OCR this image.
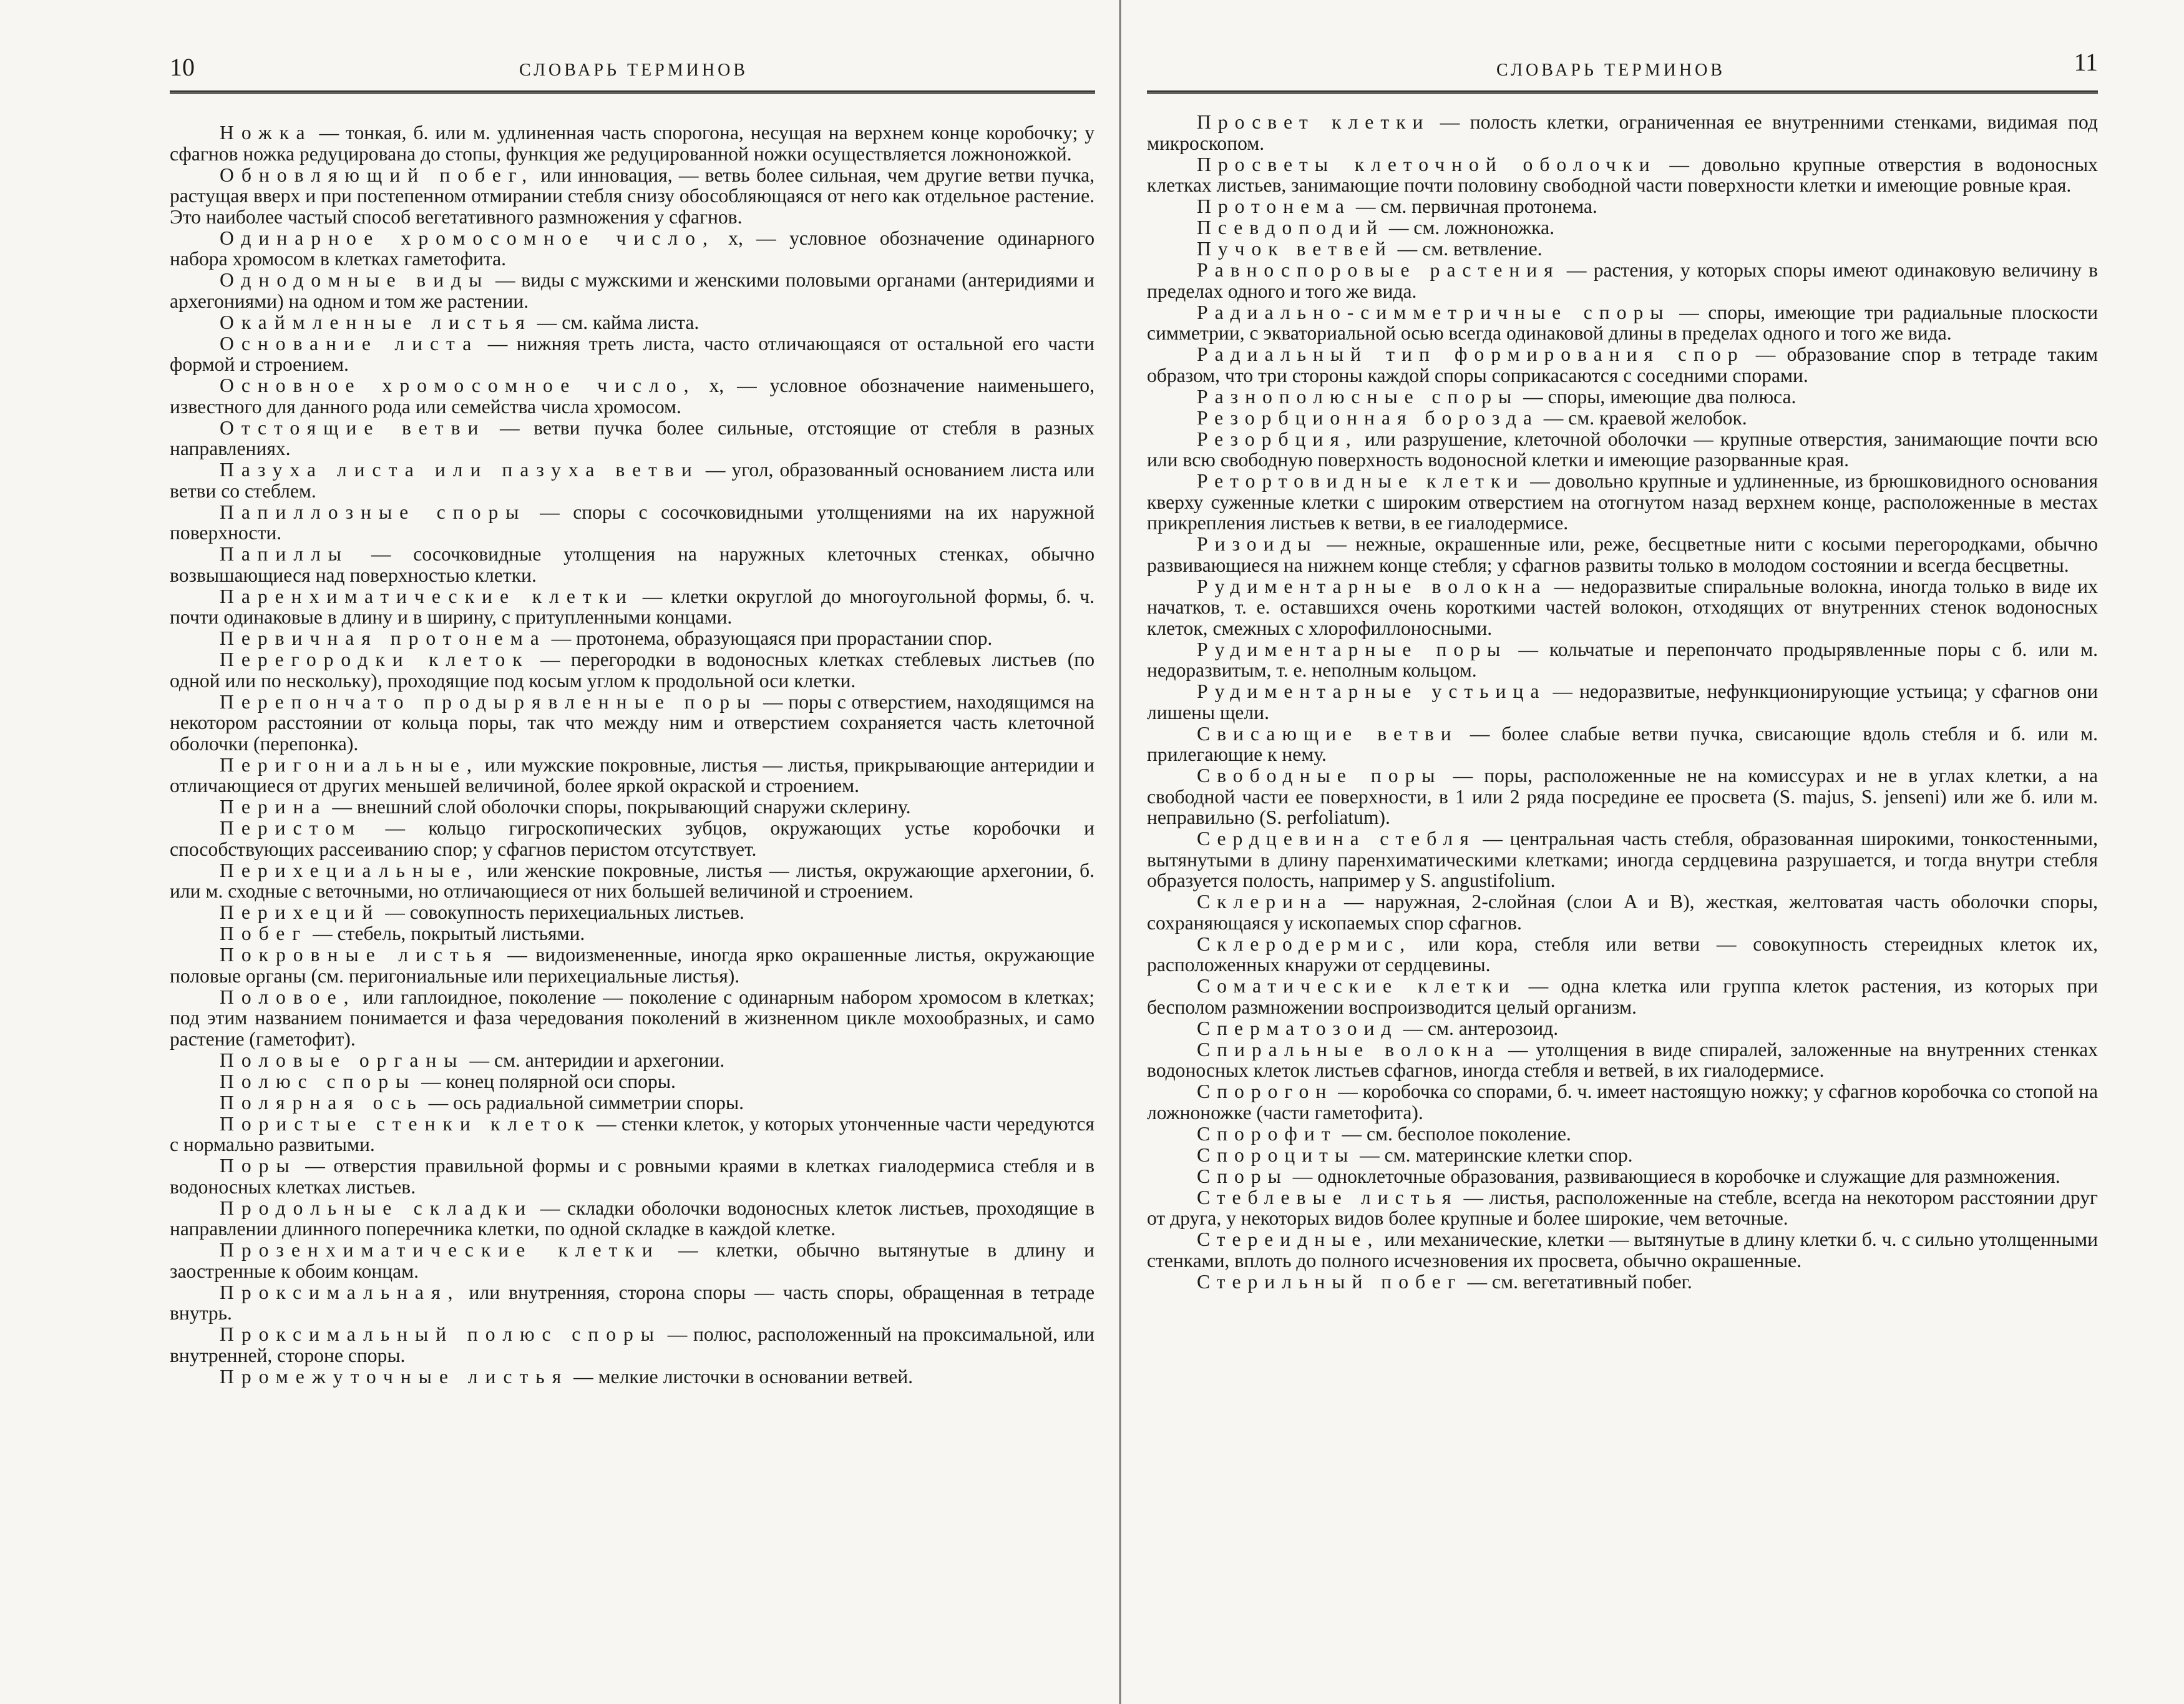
10	СЛОВАРЬ ТЕРМИНОВ

Ножка — тонкая, б. или м. удлиненная часть спорогона, несущая на верхнем конце коробочку; у сфагнов ножка редуцирована до стопы, функция же редуцированной ножки осуществляется ложноножкой.

Обновляющий побег, или инновация, — ветвь более сильная, чем другие ветви пучка, растущая вверх и при постепенном отмирании стебля снизу обособляющаяся от него как отдельное растение. Это наиболее частый способ вегетативного размножения у сфагнов.

Одинарное хромосомное число, x, — условное обозначение одинарного набора хромосом в клетках гаметофита.

Однодомные виды — виды с мужскими и женскими половыми органами (антеридиями и архегониями) на одном и том же растении.

Окаймленные листья — см. кайма листа.

Основание листа — нижняя треть листа, часто отличающаяся от остальной его части формой и строением.

Основное хромосомное число, x, — условное обозначение наименьшего, известного для данного рода или семейства числа хромосом.

Отстоящие ветви — ветви пучка более сильные, отстоящие от стебля в разных направлениях.

Пазуха листа или пазуха ветви — угол, образованный основанием листа или ветви со стеблем.

Папиллозные споры — споры с сосочковидными утолщениями на их наружной поверхности.

Папиллы — сосочковидные утолщения на наружных клеточных стенках, обычно возвышающиеся над поверхностью клетки.

Паренхиматические клетки — клетки округлой до многоугольной формы, б. ч. почти одинаковые в длину и в ширину, с притупленными концами.

Первичная протонема — протонема, образующаяся при прорастании спор.

Перегородки клеток — перегородки в водоносных клетках стеблевых листьев (по одной или по нескольку), проходящие под косым углом к продольной оси клетки.

Перепончато продырявленные поры — поры с отверстием, находящимся на некотором расстоянии от кольца поры, так что между ним и отверстием сохраняется часть клеточной оболочки (перепонка).

Перигониальные, или мужские покровные, листья — листья, прикрывающие антеридии и отличающиеся от других меньшей величиной, более яркой окраской и строением.

Перина — внешний слой оболочки споры, покрывающий снаружи склерину.

Перистом — кольцо гигроскопических зубцов, окружающих устье коробочки и способствующих рассеиванию спор; у сфагнов перистом отсутствует.

Перихециальные, или женские покровные, листья — листья, окружающие архегонии, б. или м. сходные с веточными, но отличающиеся от них большей величиной и строением.

Перихеций — совокупность перихециальных листьев.

Побег — стебель, покрытый листьями.

Покровные листья — видоизмененные, иногда ярко окрашенные листья, окружающие половые органы (см. перигониальные или перихециальные листья).

Половое, или гаплоидное, поколение — поколение с одинарным набором хромосом в клетках; под этим названием понимается и фаза чередования поколений в жизненном цикле мохообразных, и само растение (гаметофит).

Половые органы — см. антеридии и архегонии.

Полюс споры — конец полярной оси споры.

Полярная ось — ось радиальной симметрии споры.

Пористые стенки клеток — стенки клеток, у которых утонченные части чередуются с нормально развитыми.

Поры — отверстия правильной формы и с ровными краями в клетках гиалодермиса стебля и в водоносных клетках листьев.

Продольные складки — складки оболочки водоносных клеток листьев, проходящие в направлении длинного поперечника клетки, по одной складке в каждой клетке.

Прозенхиматические клетки — клетки, обычно вытянутые в длину и заостренные к обоим концам.

Проксимальная, или внутренняя, сторона споры — часть споры, обращенная в тетраде внутрь.

Проксимальный полюс споры — полюс, расположенный на проксимальной, или внутренней, стороне споры.

Промежуточные листья — мелкие листочки в основании ветвей.

СЛОВАРЬ ТЕРМИНОВ	11

Просвет клетки — полость клетки, ограниченная ее внутренними стенками, видимая под микроскопом.

Просветы клеточной оболочки — довольно крупные отверстия в водоносных клетках листьев, занимающие почти половину свободной части поверхности клетки и имеющие ровные края.

Протонема — см. первичная протонема.

Псевдоподий — см. ложноножка.

Пучок ветвей — см. ветвление.

Равноспоровые растения — растения, у которых споры имеют одинаковую величину в пределах одного и того же вида.

Радиально-симметричные споры — споры, имеющие три радиальные плоскости симметрии, с экваториальной осью всегда одинаковой длины в пределах одного и того же вида.

Радиальный тип формирования спор — образование спор в тетраде таким образом, что три стороны каждой споры соприкасаются с соседними спорами.

Разнополюсные споры — споры, имеющие два полюса.

Резорбционная борозда — см. краевой желобок.

Резорбция, или разрушение, клеточной оболочки — крупные отверстия, занимающие почти всю или всю свободную поверхность водоносной клетки и имеющие разорванные края.

Ретортовидные клетки — довольно крупные и удлиненные, из брюшковидного основания кверху суженные клетки с широким отверстием на отогнутом назад верхнем конце, расположенные в местах прикрепления листьев к ветви, в ее гиалодермисе.

Ризоиды — нежные, окрашенные или, реже, бесцветные нити с косыми перегородками, обычно развивающиеся на нижнем конце стебля; у сфагнов развиты только в молодом состоянии и всегда бесцветны.

Рудиментарные волокна — недоразвитые спиральные волокна, иногда только в виде их начатков, т. е. оставшихся очень короткими частей волокон, отходящих от внутренних стенок водоносных клеток, смежных с хлорофиллоносными.

Рудиментарные поры — кольчатые и перепончато продырявленные поры с б. или м. недоразвитым, т. е. неполным кольцом.

Рудиментарные устьица — недоразвитые, нефункционирующие устьица; у сфагнов они лишены щели.

Свисающие ветви — более слабые ветви пучка, свисающие вдоль стебля и б. или м. прилегающие к нему.

Свободные поры — поры, расположенные не на комиссурах и не в углах клетки, а на свободной части ее поверхности, в 1 или 2 ряда посредине ее просвета (S. majus, S. jenseni) или же б. или м. неправильно (S. perfoliatum).

Сердцевина стебля — центральная часть стебля, образованная широкими, тонкостенными, вытянутыми в длину паренхиматическими клетками; иногда сердцевина разрушается, и тогда внутри стебля образуется полость, например у S. angustifolium.

Склерина — наружная, 2-слойная (слои A и B), жесткая, желтоватая часть оболочки споры, сохраняющаяся у ископаемых спор сфагнов.

Склеродермис, или кора, стебля или ветви — совокупность стереидных клеток их, расположенных кнаружи от сердцевины.

Соматические клетки — одна клетка или группа клеток растения, из которых при бесполом размножении воспроизводится целый организм.

Сперматозоид — см. антерозоид.

Спиральные волокна — утолщения в виде спиралей, заложенные на внутренних стенках водоносных клеток листьев сфагнов, иногда стебля и ветвей, в их гиалодермисе.

Спорогон — коробочка со спорами, б. ч. имеет настоящую ножку; у сфагнов коробочка со стопой на ложноножке (части гаметофита).

Спорофит — см. бесполое поколение.

Спороциты — см. материнские клетки спор.

Споры — одноклеточные образования, развивающиеся в коробочке и служащие для размножения.

Стеблевые листья — листья, расположенные на стебле, всегда на некотором расстоянии друг от друга, у некоторых видов более крупные и более широкие, чем веточные.

Стереидные, или механические, клетки — вытянутые в длину клетки б. ч. с сильно утолщенными стенками, вплоть до полного исчезновения их просвета, обычно окрашенные.

Стерильный побег — см. вегетативный побег.
